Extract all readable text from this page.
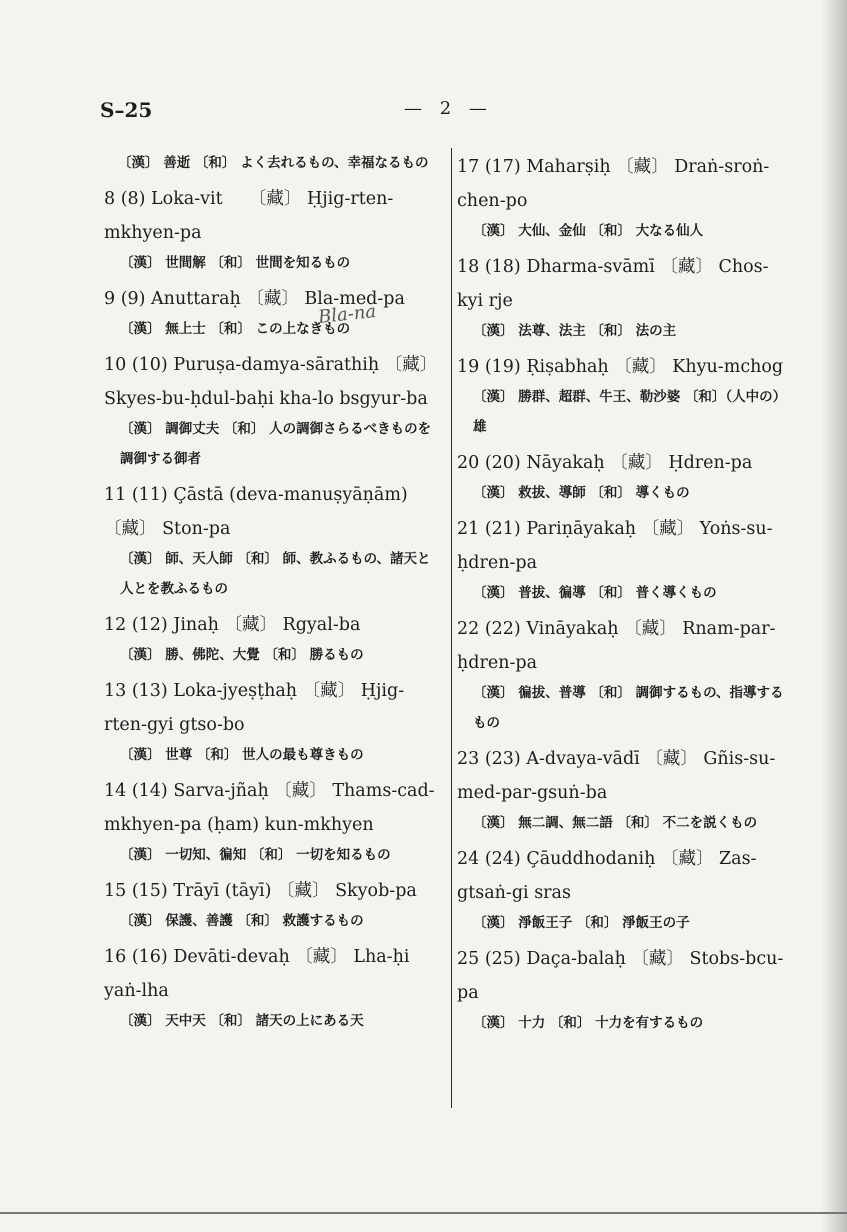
S–25	— 2 —
Bla-na
〔漢〕 善逝 〔和〕 よく去れるもの、幸福なるもの
8 (8) Loka-vit　　〔藏〕 Ḥjig-rten-mkhyen-pa
〔漢〕 世間解 〔和〕 世間を知るもの
9 (9) Anuttaraḥ 〔藏〕 Bla-med-pa
〔漢〕 無上士 〔和〕 この上なきもの
10 (10) Puruṣa-damya-sārathiḥ 〔藏〕 Skyes-bu-ḥdul-baḥi kha-lo bsgyur-ba
〔漢〕 調御丈夫 〔和〕 人の調御さらるべきものを調御する御者
11 (11) Çāstā (deva-manuṣyāṇām) 〔藏〕 Ston-pa
〔漢〕 師、天人師 〔和〕 師、教ふるもの、諸天と人とを教ふるもの
12 (12) Jinaḥ 〔藏〕 Rgyal-ba
〔漢〕 勝、佛陀、大覺 〔和〕 勝るもの
13 (13) Loka-jyeṣṭhaḥ 〔藏〕 Ḥjig-rten-gyi gtso-bo
〔漢〕 世尊 〔和〕 世人の最も尊きもの
14 (14) Sarva-jñaḥ 〔藏〕 Thams-cad-mkhyen-pa (ḥam) kun-mkhyen
〔漢〕 一切知、徧知 〔和〕 一切を知るもの
15 (15) Trāyī (tāyī) 〔藏〕 Skyob-pa
〔漢〕 保護、善護 〔和〕 救護するもの
16 (16) Devāti-devaḥ 〔藏〕 Lha-ḥi yaṅ-lha
〔漢〕 天中天 〔和〕 諸天の上にある天
17 (17) Maharṣiḥ 〔藏〕 Draṅ-sroṅ-chen-po
〔漢〕 大仙、金仙 〔和〕 大なる仙人
18 (18) Dharma-svāmī 〔藏〕 Chos-kyi rje
〔漢〕 法尊、法主 〔和〕 法の主
19 (19) Ṛiṣabhaḥ 〔藏〕 Khyu-mchog
〔漢〕 勝群、超群、牛王、勒沙婆 〔和〕（人中の）雄
20 (20) Nāyakaḥ 〔藏〕 Ḥdren-pa
〔漢〕 救拔、導師 〔和〕 導くもの
21 (21) Pariṇāyakaḥ 〔藏〕 Yoṅs-su-ḥdren-pa
〔漢〕 普拔、徧導 〔和〕 普く導くもの
22 (22) Vināyakaḥ 〔藏〕 Rnam-par-ḥdren-pa
〔漢〕 徧拔、普導 〔和〕 調御するもの、指導するもの
23 (23) A-dvaya-vādī 〔藏〕 Gñis-su-med-par-gsuṅ-ba
〔漢〕 無二調、無二語 〔和〕 不二を説くもの
24 (24) Çāuddhodaniḥ 〔藏〕 Zas-gtsaṅ-gi sras
〔漢〕 淨飯王子 〔和〕 淨飯王の子
25 (25) Daça-balaḥ 〔藏〕 Stobs-bcu-pa
〔漢〕 十力 〔和〕 十力を有するもの
